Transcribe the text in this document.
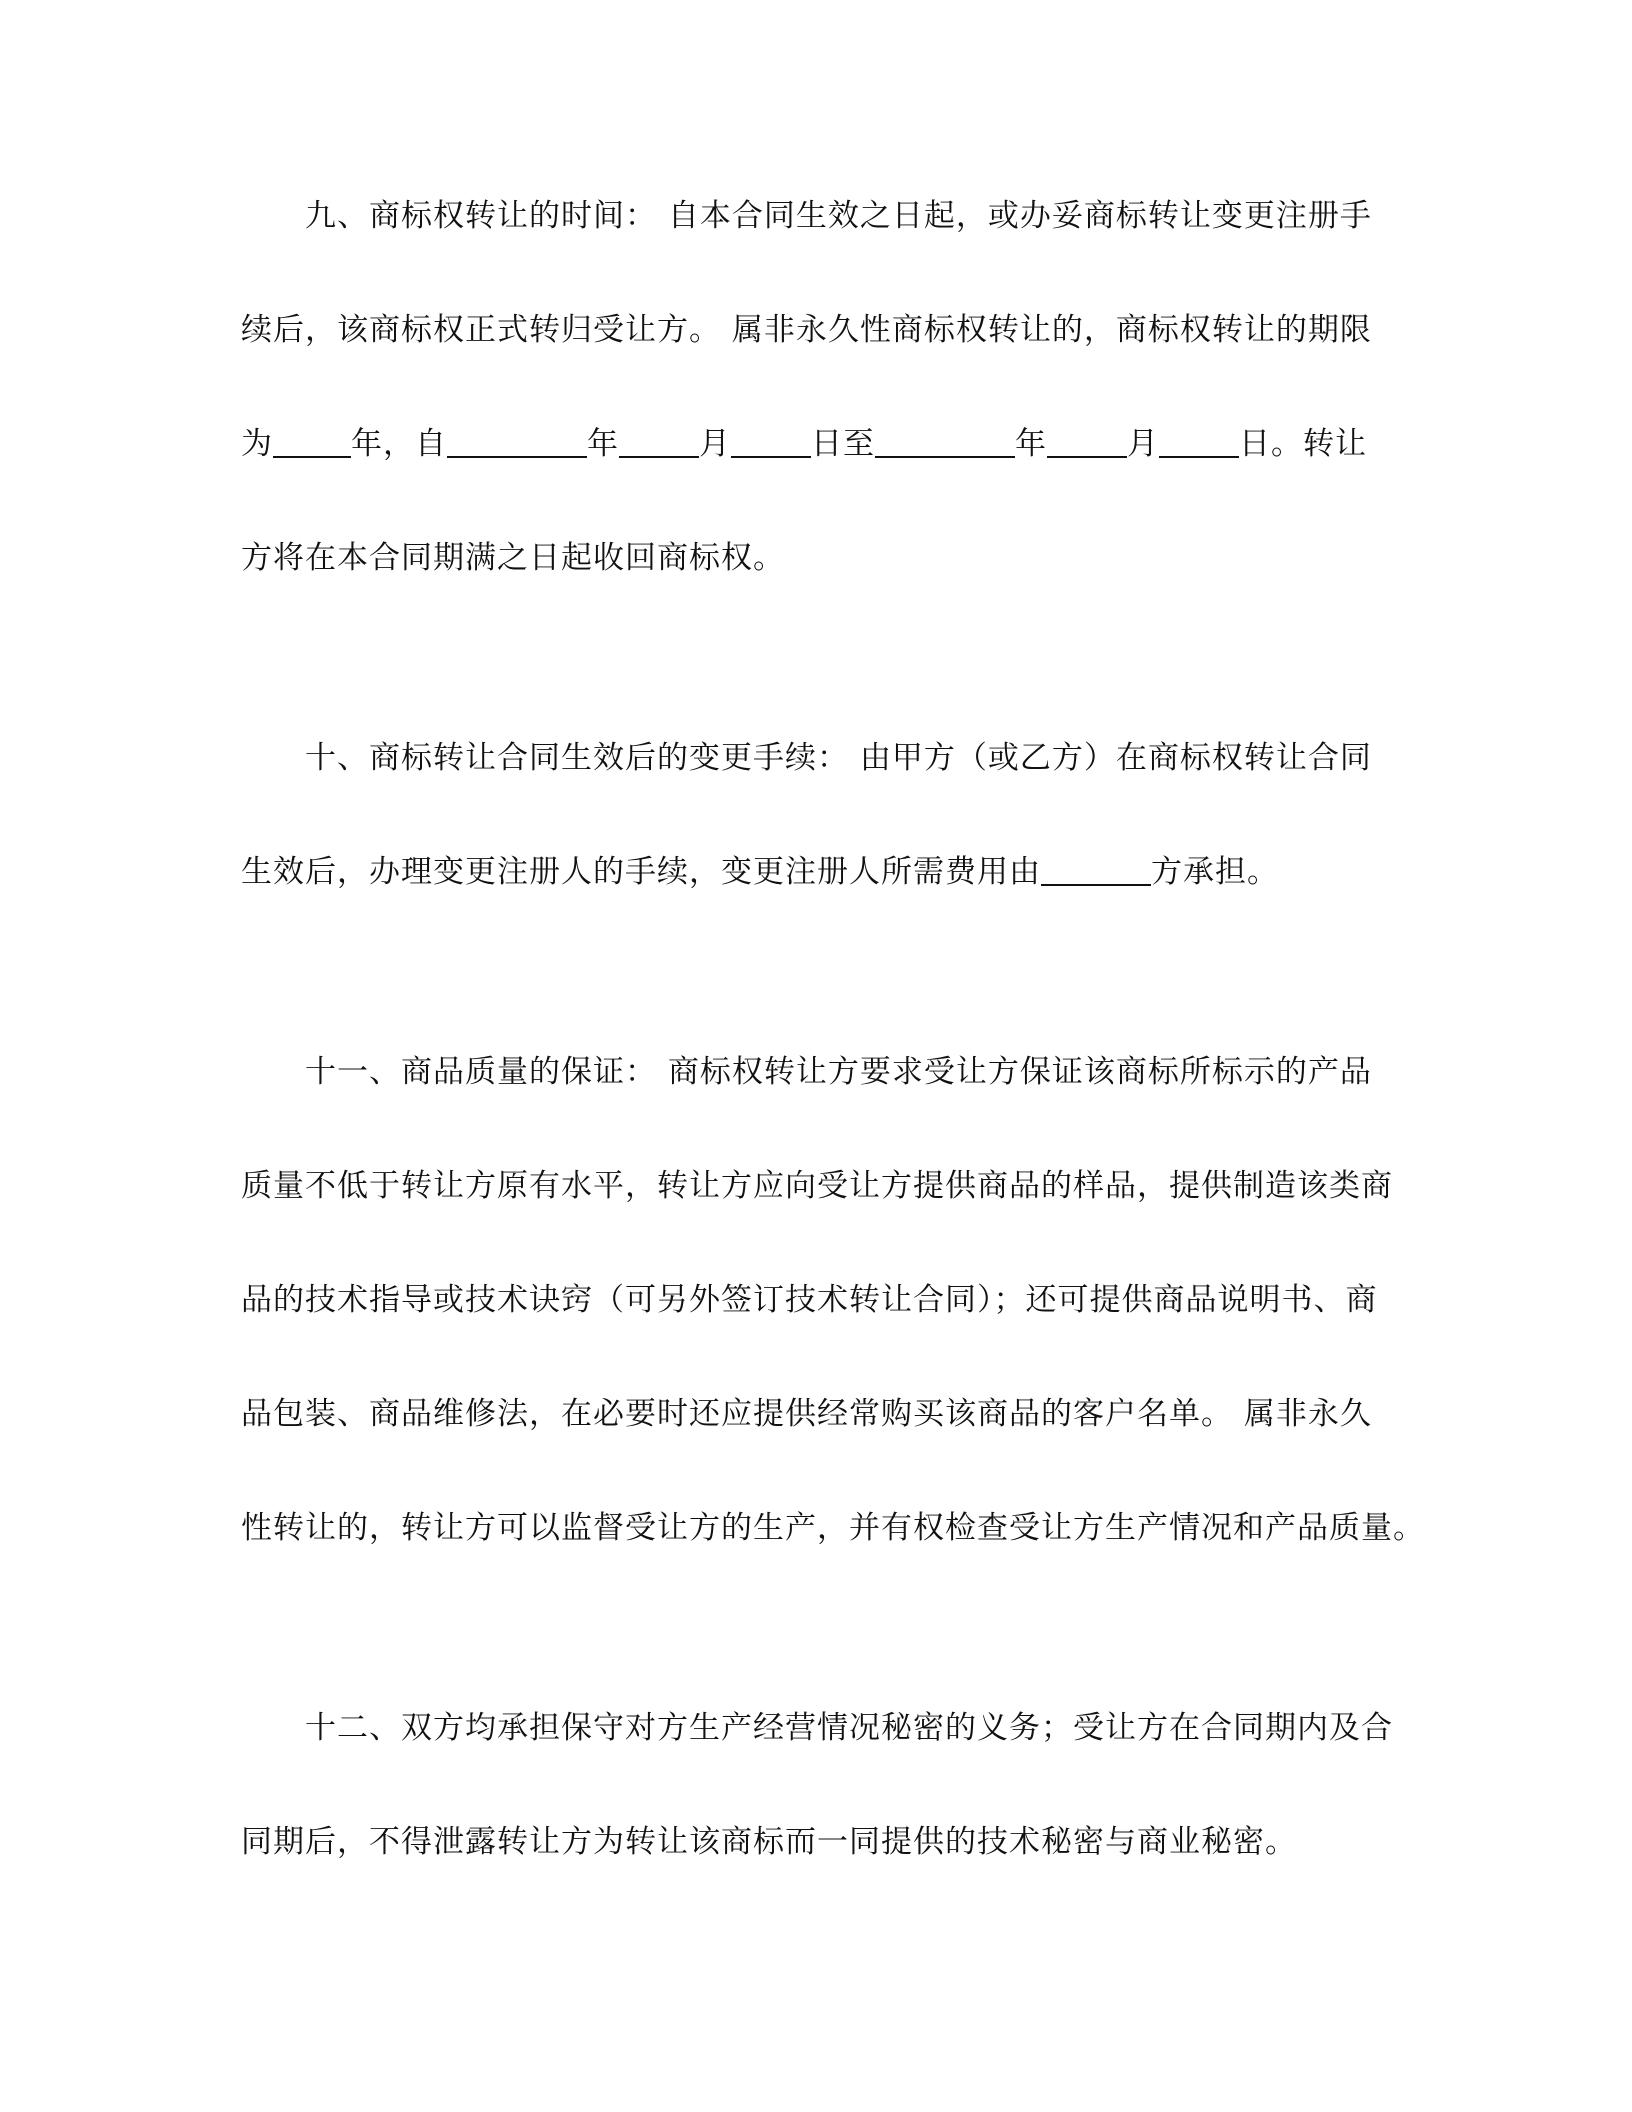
九、商标权转让的时间： 自本合同生效之日起，或办妥商标转让变更注册手
续后，该商标权正式转归受让方。 属非永久性商标权转让的，商标权转让的期限
为	年，自	年	月	日至	年	月	日。转让
方将在本合同期满之日起收回商标权。
十、商标转让合同生效后的变更手续： 由甲方（或乙方）在商标权转让合同
生效后，办理变更注册人的手续，变更注册人所需费用由	方承担。
十一、商品质量的保证： 商标权转让方要求受让方保证该商标所标示的产品
质量不低于转让方原有水平，转让方应向受让方提供商品的样品，提供制造该类商
品的技术指导或技术诀窍（可另外签订技术转让合同）；还可提供商品说明书、商
品包装、商品维修法，在必要时还应提供经常购买该商品的客户名单。 属非永久
性转让的，转让方可以监督受让方的生产，并有权检查受让方生产情况和产品质量。
十二、双方均承担保守对方生产经营情况秘密的义务；受让方在合同期内及合
同期后，不得泄露转让方为转让该商标而一同提供的技术秘密与商业秘密。
